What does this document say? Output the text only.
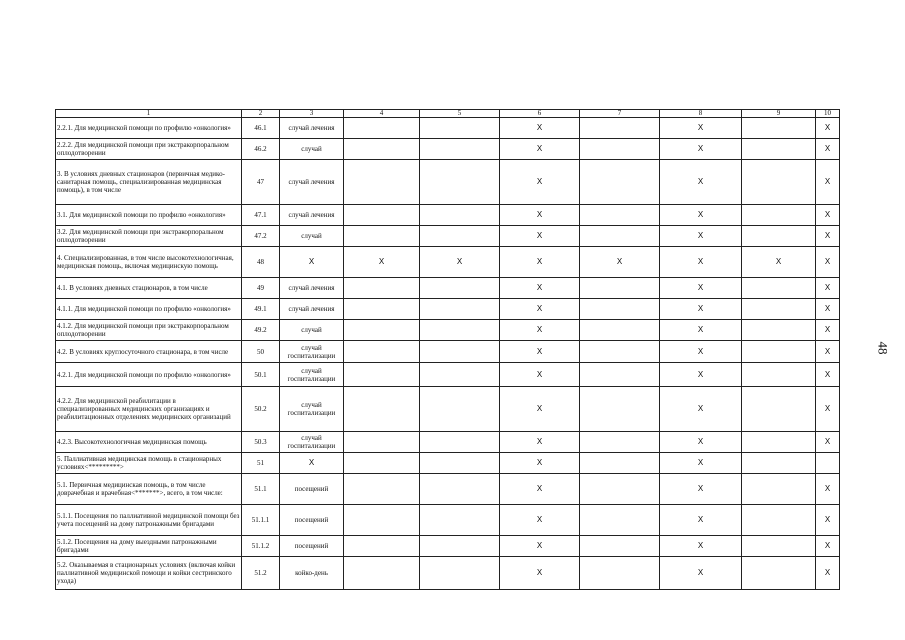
1	2	3	4	5	6	7	8	9	10
2.2.1. Для медицинской помощи по профилю «онкология»	46.1	случай лечения			X		X		X
2.2.2. Для медицинской помощи при экстракорпоральном оплодотворении	46.2	случай			X		X		X
3. В условиях дневных стационаров (первичная медико-санитарная помощь, специализированная медицинская помощь), в том числе	47	случай лечения			X		X		X
3.1. Для медицинской помощи по профилю «онкология»	47.1	случай лечения			X		X		X
3.2. Для медицинской помощи при экстракорпоральном оплодотворении	47.2	случай			X		X		X
4. Специализированная, в том числе высокотехнологичная, медицинская помощь, включая медицинскую помощь	48	X	X	X	X	X	X	X	X
4.1. В условиях дневных стационаров, в том числе	49	случай лечения			X		X		X
4.1.1. Для медицинской помощи по профилю «онкология»	49.1	случай лечения			X		X		X
4.1.2. Для медицинской помощи при экстракорпоральном оплодотворении	49.2	случай			X		X		X
4.2. В условиях круглосуточного стационара, в том числе	50	случай госпитализации			X		X		X
4.2.1. Для медицинской помощи по профилю «онкология»	50.1	случай госпитализации			X		X		X
4.2.2. Для медицинской реабилитации в специализированных медицинских организациях и реабилитационных отделениях медицинских организаций	50.2	случай госпитализации			X		X		X
4.2.3. Высокотехнологичная медицинская помощь	50.3	случай госпитализации			X		X		X
5. Паллиативная медицинская помощь в стационарных условиях<*********>	51	X			X		X		
5.1. Первичная медицинская помощь, в том числе доврачебная и врачебная<*******>, всего, в том числе:	51.1	посещений			X		X		X
5.1.1. Посещения по паллиативной медицинской помощи без учета посещений на дому патронажными бригадами	51.1.1	посещений			X		X		X
5.1.2. Посещения на дому выездными патронажными бригадами	51.1.2	посещений			X		X		X
5.2. Оказываемая в стационарных условиях (включая койки паллиативной медицинской помощи и койки сестринского ухода)	51.2	койко-день			X		X		X
48
